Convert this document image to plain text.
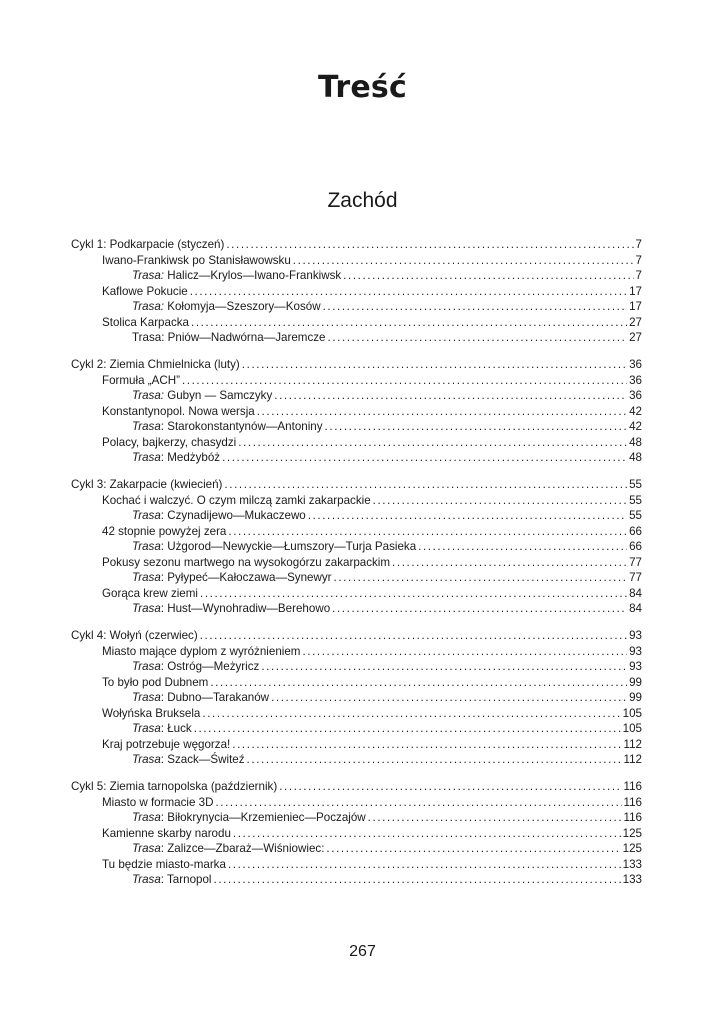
Treść
Zachód
Cykl 1: Podkarpacie (styczeń) .....	7
Iwano-Frankiwsk po Stanisławowsku .....	7
Trasa: Halicz—Krylos—Iwano-Frankiwsk .....	7
Kaflowe Pokucie .....	17
Trasa: Kołomyja—Szeszory—Kosów .....	17
Stolica Karpacka .....	27
Trasa: Pniów—Nadwórna—Jaremcze .....	27
Cykl 2: Ziemia Chmielnicka (luty) .....	36
Formuła „ACH” .....	36
Trasa: Gubyn — Samczyky .....	36
Konstantynopol. Nowa wersja .....	42
Trasa: Starokonstantynów—Antoniny .....	42
Polacy, bajkerzy, chasydzi .....	48
Trasa: Medżybóż .....	48
Cykl 3: Zakarpacie (kwiecień) .....	55
Kochać i walczyć. O czym milczą zamki zakarpackie .....	55
Trasa: Czynadijewo—Mukaczewo .....	55
42 stopnie powyżej zera .....	66
Trasa: Użgorod—Newyckie—Łumszory—Turja Pasieka .....	66
Pokusy sezonu martwego na wysokogórzu zakarpackim .....	77
Trasa: Pyłypeć—Kałoczawa—Synewyr .....	77
Gorąca krew ziemi .....	84
Trasa: Hust—Wynohradiw—Berehowo .....	84
Cykl 4: Wołyń (czerwiec) .....	93
Miasto mające dyplom z wyróżnieniem .....	93
Trasa: Ostróg—Meżyricz .....	93
To było pod Dubnem .....	99
Trasa: Dubno—Tarakanów .....	99
Wołyńska Bruksela .....	105
Trasa: Łuck .....	105
Kraj potrzebuje węgorza! .....	112
Trasa: Szack—Świteź .....	112
Cykl 5: Ziemia tarnopolska (październik) .....	116
Miasto w formacie 3D .....	116
Trasa: Biłokrynycia—Krzemieniec—Poczajów .....	116
Kamienne skarby narodu .....	125
Trasa: Zalizce—Zbaraż—Wiśniowiec: .....	125
Tu będzie miasto-marka .....	133
Trasa: Tarnopol .....	133
267
